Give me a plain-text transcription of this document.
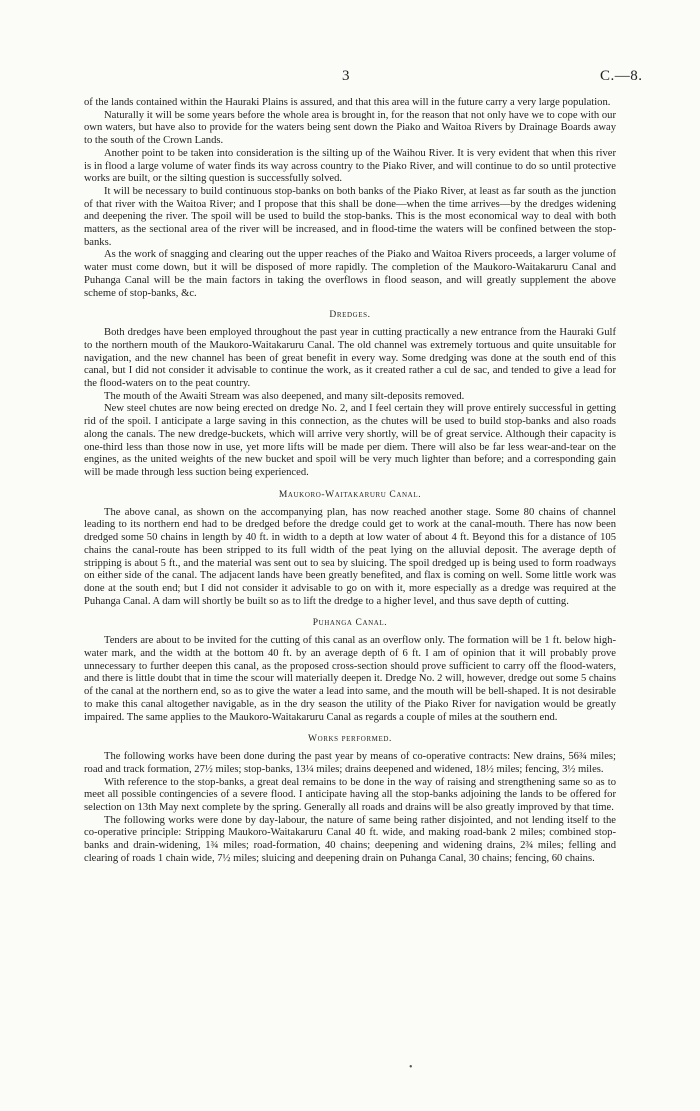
3	C.—8.

of the lands contained within the Hauraki Plains is assured, and that this area will in the future carry a very large population.

Naturally it will be some years before the whole area is brought in, for the reason that not only have we to cope with our own waters, but have also to provide for the waters being sent down the Piako and Waitoa Rivers by Drainage Boards away to the south of the Crown Lands.

Another point to be taken into consideration is the silting up of the Waihou River. It is very evident that when this river is in flood a large volume of water finds its way across country to the Piako River, and will continue to do so until protective works are built, or the silting question is successfully solved.

It will be necessary to build continuous stop-banks on both banks of the Piako River, at least as far south as the junction of that river with the Waitoa River; and I propose that this shall be done—when the time arrives—by the dredges widening and deepening the river. The spoil will be used to build the stop-banks. This is the most economical way to deal with both matters, as the sectional area of the river will be increased, and in flood-time the waters will be confined between the stop-banks.

As the work of snagging and clearing out the upper reaches of the Piako and Waitoa Rivers proceeds, a larger volume of water must come down, but it will be disposed of more rapidly. The completion of the Maukoro-Waitakaruru Canal and Puhanga Canal will be the main factors in taking the overflows in flood season, and will greatly supplement the above scheme of stop-banks, &c.

Dredges.

Both dredges have been employed throughout the past year in cutting practically a new entrance from the Hauraki Gulf to the northern mouth of the Maukoro-Waitakaruru Canal. The old channel was extremely tortuous and quite unsuitable for navigation, and the new channel has been of great benefit in every way. Some dredging was done at the south end of this canal, but I did not consider it advisable to continue the work, as it created rather a cul de sac, and tended to give a lead for the flood-waters on to the peat country.

The mouth of the Awaiti Stream was also deepened, and many silt-deposits removed.

New steel chutes are now being erected on dredge No. 2, and I feel certain they will prove entirely successful in getting rid of the spoil. I anticipate a large saving in this connection, as the chutes will be used to build stop-banks and also roads along the canals. The new dredge-buckets, which will arrive very shortly, will be of great service. Although their capacity is one-third less than those now in use, yet more lifts will be made per diem. There will also be far less wear-and-tear on the engines, as the united weights of the new bucket and spoil will be very much lighter than before; and a corresponding gain will be made through less suction being experienced.

Maukoro-Waitakaruru Canal.

The above canal, as shown on the accompanying plan, has now reached another stage. Some 80 chains of channel leading to its northern end had to be dredged before the dredge could get to work at the canal-mouth. There has now been dredged some 50 chains in length by 40 ft. in width to a depth at low water of about 4 ft. Beyond this for a distance of 105 chains the canal-route has been stripped to its full width of the peat lying on the alluvial deposit. The average depth of stripping is about 5 ft., and the material was sent out to sea by sluicing. The spoil dredged up is being used to form roadways on either side of the canal. The adjacent lands have been greatly benefited, and flax is coming on well. Some little work was done at the south end; but I did not consider it advisable to go on with it, more especially as a dredge was required at the Puhanga Canal. A dam will shortly be built so as to lift the dredge to a higher level, and thus save depth of cutting.

Puhanga Canal.

Tenders are about to be invited for the cutting of this canal as an overflow only. The formation will be 1 ft. below high-water mark, and the width at the bottom 40 ft. by an average depth of 6 ft. I am of opinion that it will probably prove unnecessary to further deepen this canal, as the proposed cross-section should prove sufficient to carry off the flood-waters, and there is little doubt that in time the scour will materially deepen it. Dredge No. 2 will, however, dredge out some 5 chains of the canal at the northern end, so as to give the water a lead into same, and the mouth will be bell-shaped. It is not desirable to make this canal altogether navigable, as in the dry season the utility of the Piako River for navigation would be greatly impaired. The same applies to the Maukoro-Waitakaruru Canal as regards a couple of miles at the southern end.

Works performed.

The following works have been done during the past year by means of co-operative contracts: New drains, 56¾ miles; road and track formation, 27½ miles; stop-banks, 13¼ miles; drains deepened and widened, 18½ miles; fencing, 3½ miles.

With reference to the stop-banks, a great deal remains to be done in the way of raising and strengthening same so as to meet all possible contingencies of a severe flood. I anticipate having all the stop-banks adjoining the lands to be offered for selection on 13th May next complete by the spring. Generally all roads and drains will be also greatly improved by that time.

The following works were done by day-labour, the nature of same being rather disjointed, and not lending itself to the co-operative principle: Stripping Maukoro-Waitakaruru Canal 40 ft. wide, and making road-bank 2 miles; combined stop-banks and drain-widening, 1¾ miles; road-formation, 40 chains; deepening and widening drains, 2¾ miles; felling and clearing of roads 1 chain wide, 7½ miles; sluicing and deepening drain on Puhanga Canal, 30 chains; fencing, 60 chains.

•
